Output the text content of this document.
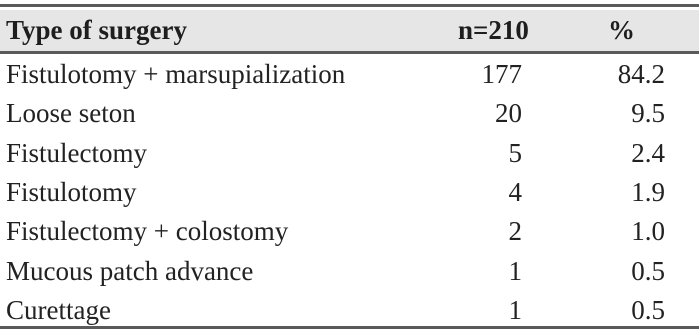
Type of surgery	n=210	%
Fistulotomy + marsupialization	177	84.2
Loose seton	20	9.5
Fistulectomy	5	2.4
Fistulotomy	4	1.9
Fistulectomy + colostomy	2	1.0
Mucous patch advance	1	0.5
Curettage	1	0.5
